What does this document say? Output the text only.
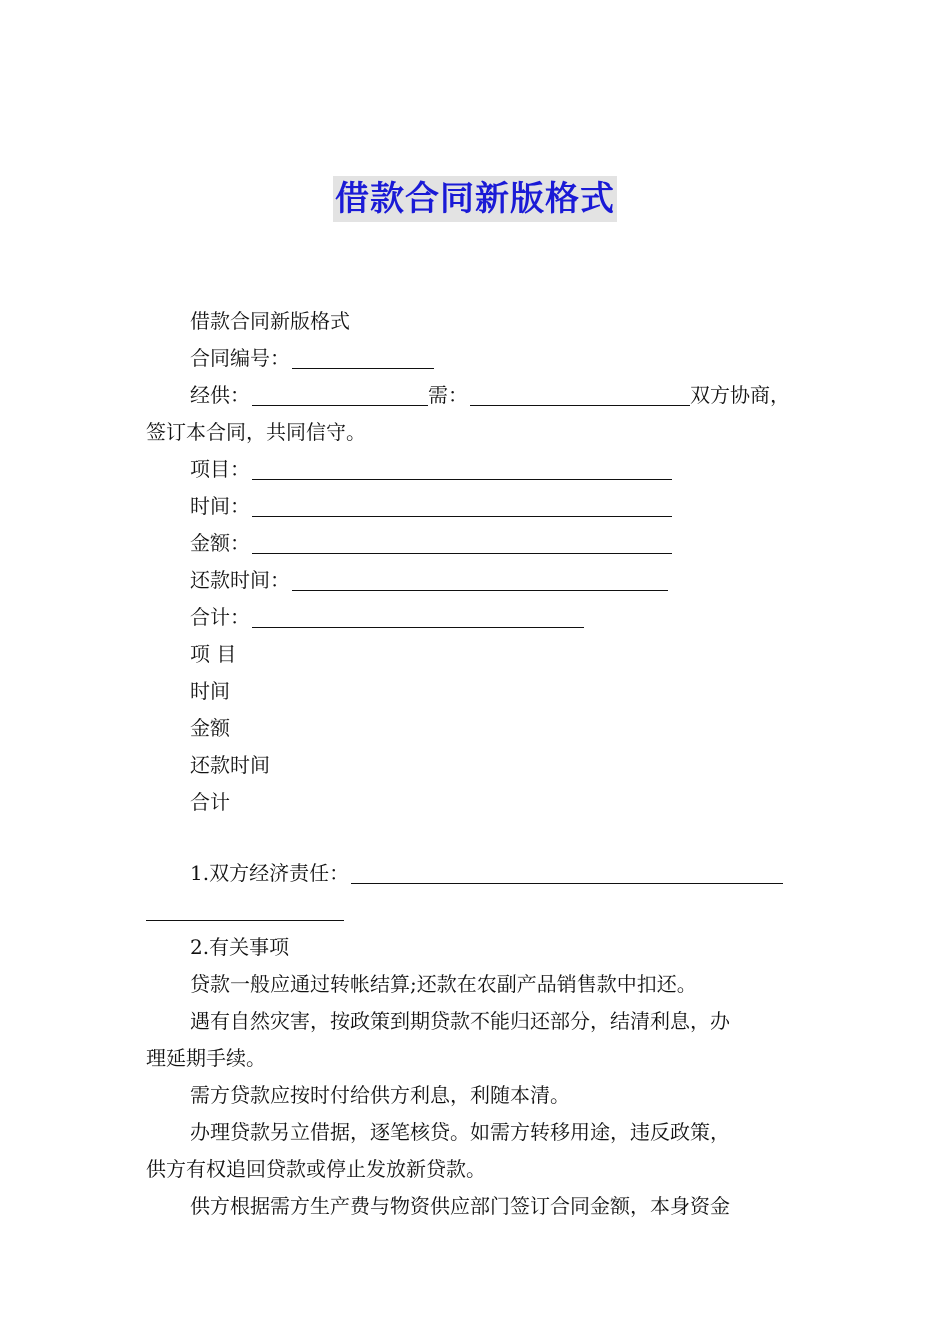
借款合同新版格式
借款合同新版格式
合同编号：
经供：	需：	双方协商，
签订本合同，共同信守。
项目：
时间：
金额：
还款时间：
合计：
项 目
时间
金额
还款时间
合计
1.双方经济责任：
2.有关事项
贷款一般应通过转帐结算;还款在农副产品销售款中扣还。
遇有自然灾害，按政策到期贷款不能归还部分，结清利息，办
理延期手续。
需方贷款应按时付给供方利息，利随本清。
办理贷款另立借据，逐笔核贷。如需方转移用途，违反政策，
供方有权追回贷款或停止发放新贷款。
供方根据需方生产费与物资供应部门签订合同金额，本身资金
